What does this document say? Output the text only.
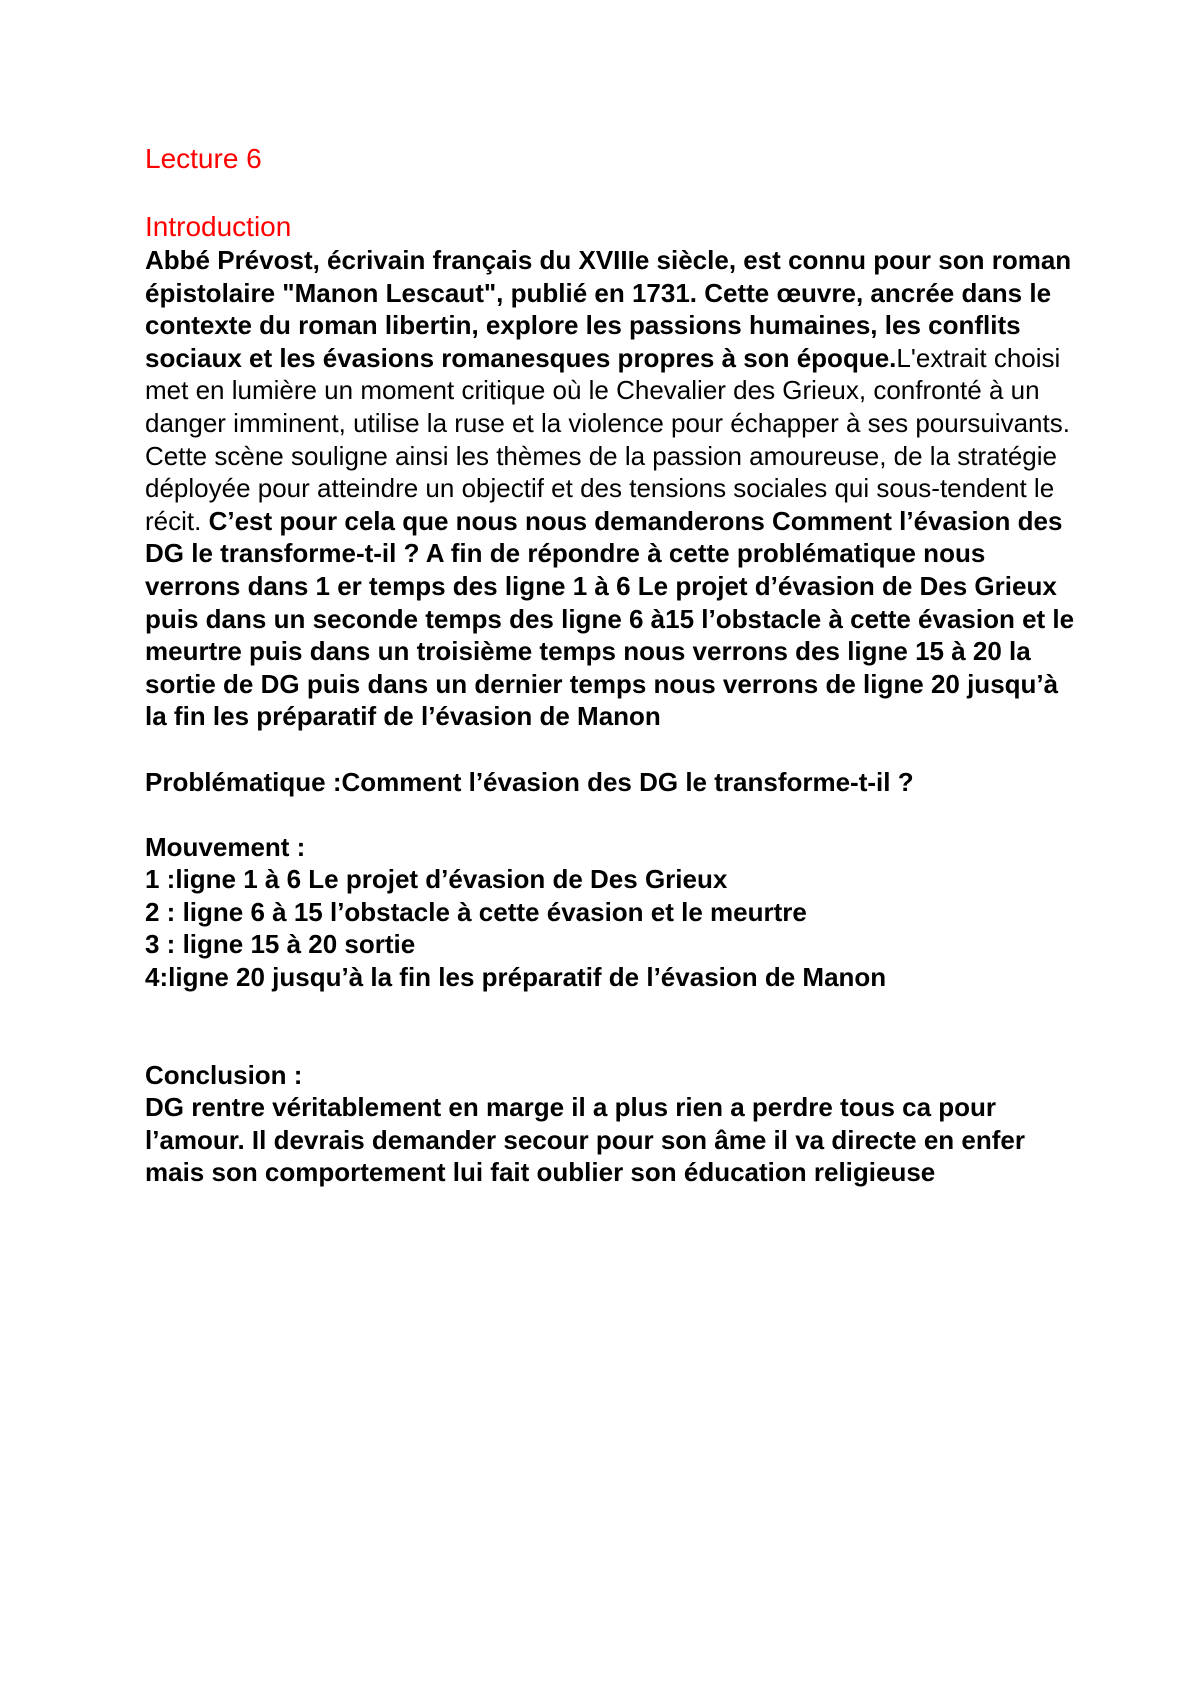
Lecture 6

Introduction

Abbé Prévost, écrivain français du XVIIIe siècle, est connu pour son roman épistolaire "Manon Lescaut", publié en 1731. Cette œuvre, ancrée dans le contexte du roman libertin, explore les passions humaines, les conflits sociaux et les évasions romanesques propres à son époque.L'extrait choisi met en lumière un moment critique où le Chevalier des Grieux, confronté à un danger imminent, utilise la ruse et la violence pour échapper à ses poursuivants. Cette scène souligne ainsi les thèmes de la passion amoureuse, de la stratégie déployée pour atteindre un objectif et des tensions sociales qui sous-tendent le récit. C’est pour cela que nous nous demanderons Comment l’évasion des DG le transforme-t-il ? A fin de répondre à cette problématique nous verrons dans 1 er temps des ligne 1 à 6 Le projet d’évasion de Des Grieux puis dans un seconde temps des ligne 6 à15 l’obstacle à cette évasion et le meurtre puis dans un troisième temps nous verrons des ligne 15 à 20 la sortie de DG puis dans un dernier temps nous verrons de ligne 20 jusqu’à la fin les préparatif de l’évasion de Manon

Problématique :Comment l’évasion des DG le transforme-t-il ?

Mouvement :

1 :ligne 1 à 6 Le projet d’évasion de Des Grieux
2 : ligne 6 à 15 l’obstacle à cette évasion et le meurtre
3 : ligne 15 à 20 sortie
4:ligne 20 jusqu’à la fin les préparatif de l’évasion de Manon

Conclusion :

DG rentre véritablement en marge il a plus rien a perdre tous ca pour l’amour. Il devrais demander secour pour son âme il va directe en enfer mais son comportement lui fait oublier son éducation religieuse
